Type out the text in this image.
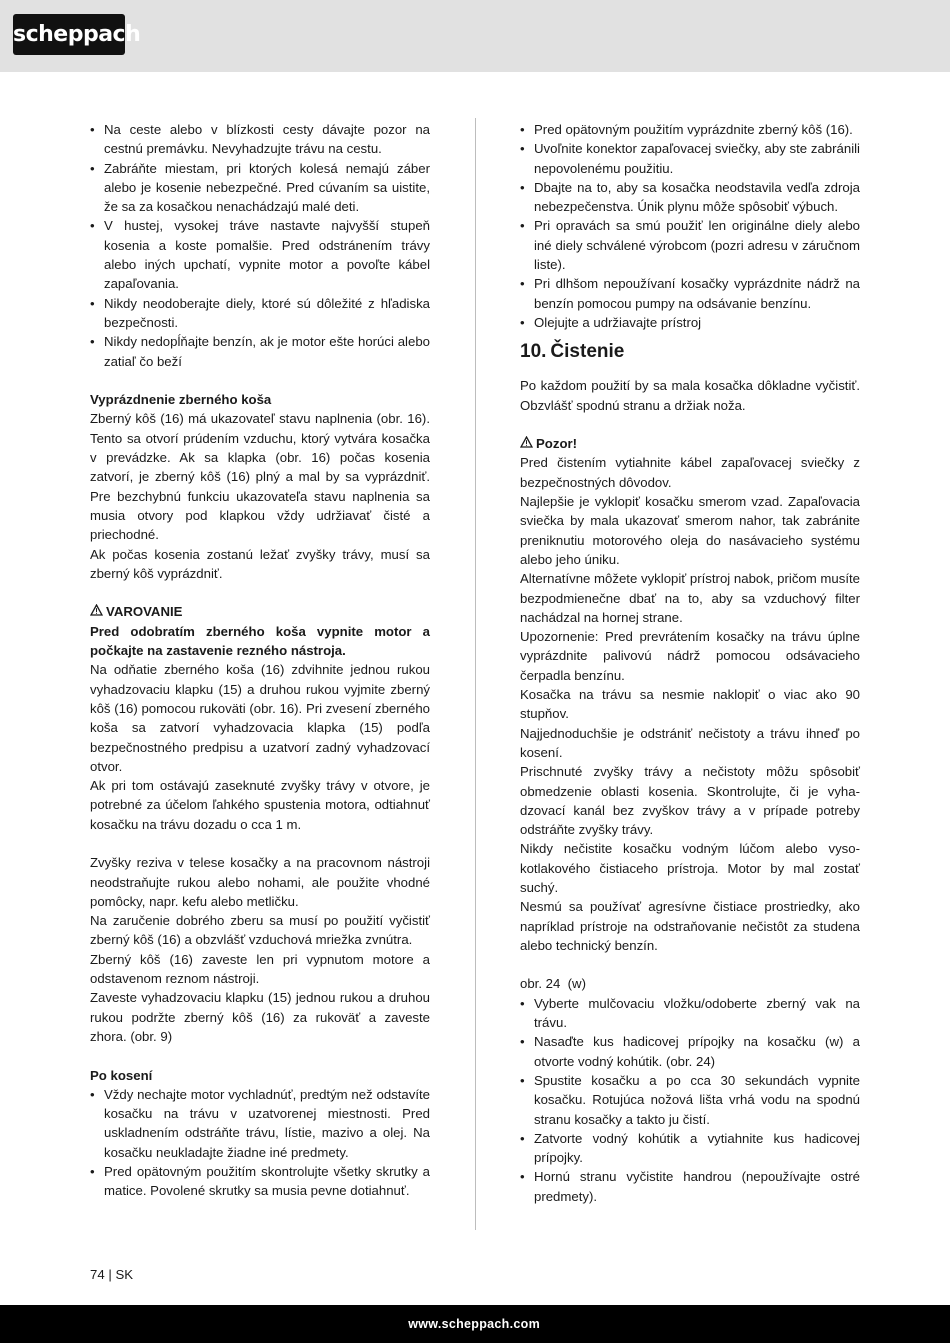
scheppach
• Na ceste alebo v blízkosti cesty dávajte pozor na cestnú premávku. Nevyhadzujte trávu na cestu.
• Zabráňte miestam, pri ktorých kolesá nemajú záber alebo je kosenie nebezpečné. Pred cúvaním sa uistite, že sa za kosačkou nenachádzajú malé deti.
• V hustej, vysokej tráve nastavte najvyšší stupeň kosenia a koste pomalšie. Pred odstránením trávy alebo iných upchatí, vypnite motor a povoľte kábel zapaľovania.
• Nikdy neodoberajte diely, ktoré sú dôležité z hľadiska bezpečnosti.
• Nikdy nedopĺňajte benzín, ak je motor ešte horúci alebo zatiaľ čo beží

Vyprázdnenie zberného koša

Zberný kôš (16) má ukazovateľ stavu naplnenia (obr. 16). Tento sa otvorí prúdením vzduchu, ktorý vytvára kosačka v prevádzke. Ak sa klapka (obr. 16) počas kosenia zatvorí, je zberný kôš (16) plný a mal by sa vyprázdniť. Pre bezchybnú funkciu ukazovateľa stavu naplnenia sa musia otvory pod klapkou vždy udržiavať čisté a priechodné.

Ak počas kosenia zostanú ležať zvyšky trávy, musí sa zberný kôš vyprázdniť.

VAROVANIE

Pred odobratím zberného koša vypnite motor a počkajte na zastavenie rezného nástroja.

Na odňatie zberného koša (16) zdvihnite jednou rukou vyhadzovaciu klapku (15) a druhou rukou vyjmite zberný kôš (16) pomocou rukoväti (obr. 16). Pri zvesení zberného koša sa zatvorí vyhadzovacia klapka (15) podľa bezpečnostného predpisu a uzatvorí zadný vyhadzovací otvor.

Ak pri tom ostávajú zaseknuté zvyšky trávy v otvore, je potrebné za účelom ľahkého spustenia motora, odtiahnuť kosačku na trávu dozadu o cca 1 m.

Zvyšky reziva v telese kosačky a na pracovnom nástroji neodstraňujte rukou alebo nohami, ale použite vhodné pomôcky, napr. kefu alebo metličku.

Na zaručenie dobrého zberu sa musí po použití vyčistiť zberný kôš (16) a obzvlášť vzduchová mriežka zvnútra.

Zberný kôš (16) zaveste len pri vypnutom motore a odstavenom reznom nástroji.

Zaveste vyhadzovaciu klapku (15) jednou rukou a druhou rukou podržte zberný kôš (16) za rukoväť a zaveste zhora. (obr. 9)

Po kosení

• Vždy nechajte motor vychladnúť, predtým než odstavíte kosačku na trávu v uzatvorenej miestnosti. Pred uskladnením odstráňte trávu, lístie, mazivo a olej. Na kosačku neukladajte žiadne iné predmety.
• Pred opätovným použitím skontrolujte všetky skrutky a matice. Povolené skrutky sa musia pevne dotiahnuť.
• Pred opätovným použitím vyprázdnite zberný kôš (16).
• Uvoľnite konektor zapaľovacej sviečky, aby ste zabránili nepovolenému použitiu.
• Dbajte na to, aby sa kosačka neodstavila vedľa zdroja nebezpečenstva. Únik plynu môže spôsobiť výbuch.
• Pri opravách sa smú použiť len originálne diely alebo iné diely schválené výrobcom (pozri adresu v záručnom liste).
• Pri dlhšom nepoužívaní kosačky vyprázdnite nádrž na benzín pomocou pumpy na odsávanie benzínu.
• Olejujte a udržiavajte prístroj
10. Čistenie

Po každom použití by sa mala kosačka dôkladne vyčistiť. Obzvlášť spodnú stranu a držiak noža.

Pozor!

Pred čistením vytiahnite kábel zapaľovacej sviečky z bezpečnostných dôvodov.

Najlepšie je vyklopiť kosačku smerom vzad. Zapaľovacia sviečka by mala ukazovať smerom nahor, tak zabránite preniknutiu motorového oleja do nasávacieho systému alebo jeho úniku.

Alternatívne môžete vyklopiť prístroj nabok, pričom musíte bezpodmienečne dbať na to, aby sa vzduchový filter nachádzal na hornej strane.

Upozornenie: Pred prevrátením kosačky na trávu úplne vyprázdnite palivovú nádrž pomocou odsávacieho čerpadla benzínu.

Kosačka na trávu sa nesmie naklopiť o viac ako 90 stupňov.

Najjednoduchšie je odstrániť nečistoty a trávu ihneď po kosení.

Prischnuté zvyšky trávy a nečistoty môžu spôsobiť obmedzenie oblasti kosenia. Skontrolujte, či je vyhadzovací kanál bez zvyškov trávy a v prípade potreby odstráňte zvyšky trávy.

Nikdy nečistite kosačku vodným lúčom alebo vysokotlakového čistiaceho prístroja. Motor by mal zostať suchý.

Nesmú sa používať agresívne čistiace prostriedky, ako napríklad prístroje na odstraňovanie nečistôt za studena alebo technický benzín.

obr. 24  (w)

• Vyberte mulčovaciu vložku/odoberte zberný vak na trávu.
• Nasaďte kus hadicovej prípojky na kosačku (w) a otvorte vodný kohútik. (obr. 24)
• Spustite kosačku a po cca 30 sekundách vypnite kosačku. Rotujúca nožová lišta vrhá vodu na spodnú stranu kosačky a takto ju čistí.
• Zatvorte vodný kohútik a vytiahnite kus hadicovej prípojky.
• Hornú stranu vyčistite handrou (nepoužívajte ostré predmety).
74 | SK
www.scheppach.com
